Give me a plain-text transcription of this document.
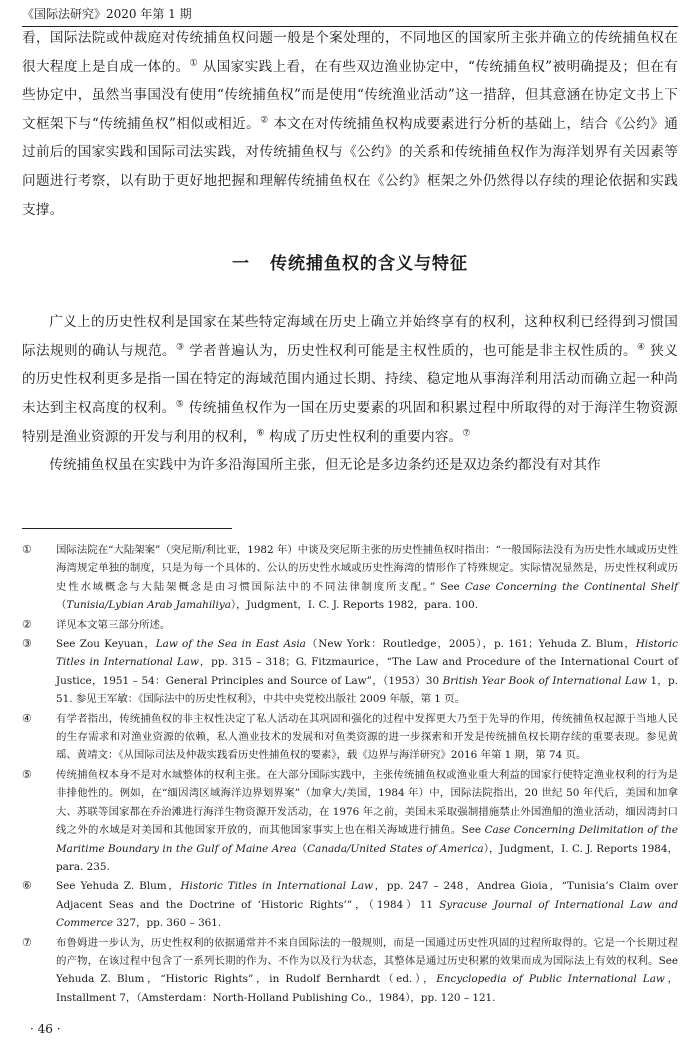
《国际法研究》2020 年第 1 期

看，国际法院或仲裁庭对传统捕鱼权问题一般是个案处理的，不同地区的国家所主张并确立的传统捕鱼权在很大程度上是自成一体的。① 从国家实践上看，在有些双边渔业协定中，“传统捕鱼权”被明确提及；但在有些协定中，虽然当事国没有使用“传统捕鱼权”而是使用“传统渔业活动”这一措辞，但其意涵在协定文书上下文框架下与“传统捕鱼权”相似或相近。② 本文在对传统捕鱼权构成要素进行分析的基础上，结合《公约》通过前后的国家实践和国际司法实践，对传统捕鱼权与《公约》的关系和传统捕鱼权作为海洋划界有关因素等问题进行考察，以有助于更好地把握和理解传统捕鱼权在《公约》框架之外仍然得以存续的理论依据和实践支撑。

一 传统捕鱼权的含义与特征

广义上的历史性权利是国家在某些特定海域在历史上确立并始终享有的权利，这种权利已经得到习惯国际法规则的确认与规范。③ 学者普遍认为，历史性权利可能是主权性质的，也可能是非主权性质的。④ 狭义的历史性权利更多是指一国在特定的海域范围内通过长期、持续、稳定地从事海洋利用活动而确立起一种尚未达到主权高度的权利。⑤ 传统捕鱼权作为一国在历史要素的巩固和积累过程中所取得的对于海洋生物资源特别是渔业资源的开发与利用的权利，⑥ 构成了历史性权利的重要内容。⑦

传统捕鱼权虽在实践中为许多沿海国所主张，但无论是多边条约还是双边条约都没有对其作

①	国际法院在“大陆架案”（突尼斯/利比亚，1982 年）中谈及突尼斯主张的历史性捕鱼权时指出：“一般国际法没有为历史性水域或历史性海湾规定单独的制度，只是为每一个具体的、公认的历史性水域或历史性海湾的情形作了特殊规定。实际情况显然是，历史性权利或历史性水域概念与大陆架概念是由习惯国际法中的不同法律制度所支配。” See Case Concerning the Continental Shelf（Tunisia/Lybian Arab Jamahiliya），Judgment，I. C. J. Reports 1982，para. 100.
②	详见本文第三部分所述。
③	See Zou Keyuan，Law of the Sea in East Asia（New York：Routledge，2005），p. 161；Yehuda Z. Blum，Historic Titles in International Law，pp. 315 – 318；G. Fitzmaurice，“The Law and Procedure of the International Court of Justice，1951 – 54：General Principles and Source of Law”，（1953）30 British Year Book of International Law 1，p. 51. 参见王军敏：《国际法中的历史性权利》，中共中央党校出版社 2009 年版，第 1 页。
④	有学者指出，传统捕鱼权的非主权性决定了私人活动在其巩固和强化的过程中发挥更大乃至于先导的作用，传统捕鱼权起源于当地人民的生存需求和对渔业资源的依赖，私人渔业技术的发展和对鱼类资源的进一步探索和开发是传统捕鱼权长期存续的重要表现。参见黄瑶、黄靖文：《从国际司法及仲裁实践看历史性捕鱼权的要素》，载《边界与海洋研究》2016 年第 1 期，第 74 页。
⑤	传统捕鱼权本身不是对水域整体的权利主张。在大部分国际实践中，主张传统捕鱼权或渔业重大利益的国家行使特定渔业权利的行为是非排他性的。例如，在“缅因湾区域海洋边界划界案”（加拿大/美国，1984 年）中，国际法院指出，20 世纪 50 年代后，美国和加拿大、苏联等国家都在乔治滩进行海洋生物资源开发活动，在 1976 年之前，美国未采取强制措施禁止外国渔船的渔业活动，缅因湾封口线之外的水域是对美国和其他国家开放的，而其他国家事实上也在相关海域进行捕鱼。See Case Concerning Delimitation of the Maritime Boundary in the Gulf of Maine Area（Canada/United States of America），Judgment，I. C. J. Reports 1984，para. 235.
⑥	See Yehuda Z. Blum，Historic Titles in International Law，pp. 247 – 248，Andrea Gioia，“Tunisia’s Claim over Adjacent Seas and the Doctrine of ‘Historic Rights’”，（1984）11 Syracuse Journal of International Law and Commerce 327，pp. 360 – 361.
⑦	布鲁姆进一步认为，历史性权利的依据通常并不来自国际法的一般规则，而是一国通过历史性巩固的过程所取得的。它是一个长期过程的产物，在该过程中包含了一系列长期的作为、不作为以及行为状态，其整体是通过历史积累的效果而成为国际法上有效的权利。See Yehuda Z. Blum，“Historic Rights”，in Rudolf Bernhardt（ed.），Encyclopedia of Public International Law，Installment 7，（Amsterdam：North-Holland Publishing Co.，1984），pp. 120 – 121.
· 46 ·
